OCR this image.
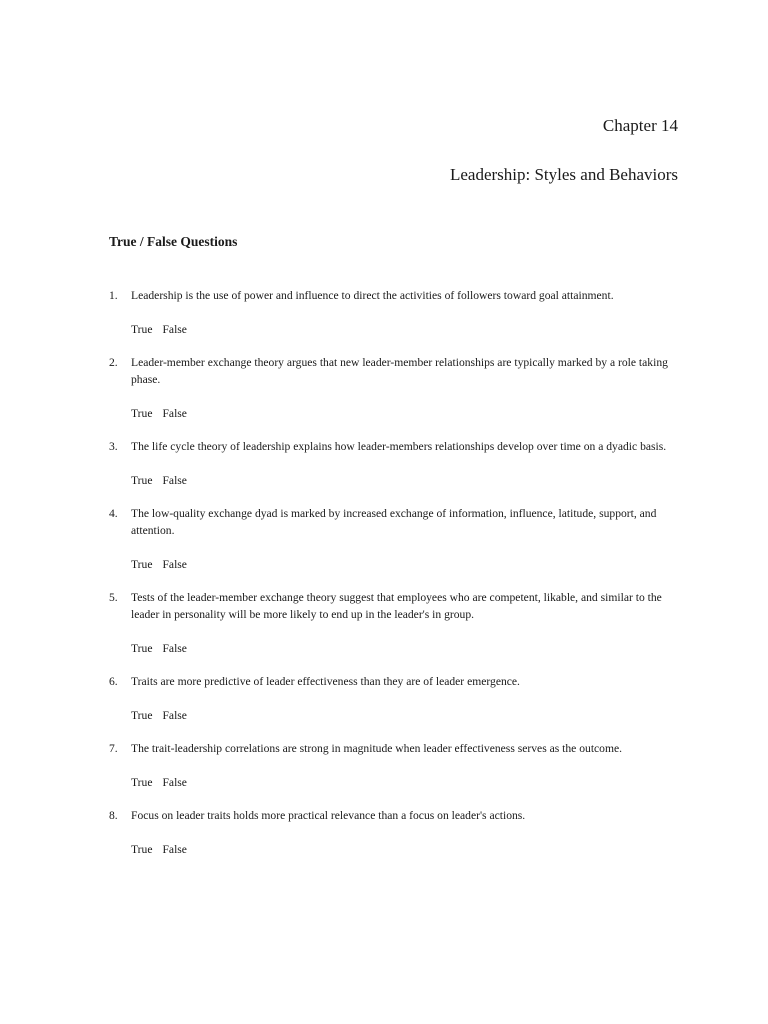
Chapter 14
Leadership: Styles and Behaviors
True / False Questions
1.	Leadership is the use of power and influence to direct the activities of followers toward goal attainment.
True False
2.	Leader-member exchange theory argues that new leader-member relationships are typically marked by a role taking phase.
True False
3.	The life cycle theory of leadership explains how leader-members relationships develop over time on a dyadic basis.
True False
4.	The low-quality exchange dyad is marked by increased exchange of information, influence, latitude, support, and attention.
True False
5.	Tests of the leader-member exchange theory suggest that employees who are competent, likable, and similar to the leader in personality will be more likely to end up in the leader's in group.
True False
6.	Traits are more predictive of leader effectiveness than they are of leader emergence.
True False
7.	The trait-leadership correlations are strong in magnitude when leader effectiveness serves as the outcome.
True False
8.	Focus on leader traits holds more practical relevance than a focus on leader's actions.
True False
